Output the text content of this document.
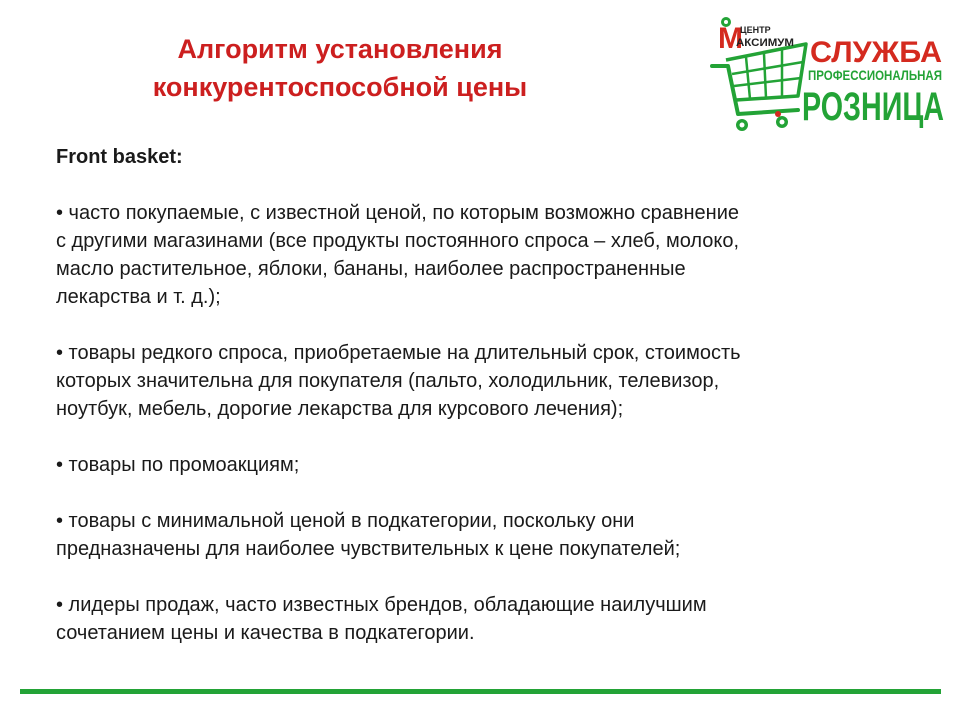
Алгоритм установления
конкурентоспособной цены
М
ЦЕНТР
АКСИМУМ СЛУЖБА
ПРОФЕССИОНАЛЬНАЯ
РОЗНИЦА
Front basket:
• часто покупаемые, с известной ценой, по которым возможно сравнение
с другими магазинами (все продукты постоянного спроса – хлеб, молоко,
масло растительное, яблоки, бананы, наиболее распространенные
лекарства и т. д.);
• товары редкого спроса, приобретаемые на длительный срок, стоимость
которых значительна для покупателя (пальто, холодильник, телевизор,
ноутбук, мебель, дорогие лекарства для курсового лечения);
• товары по промоакциям;
• товары с минимальной ценой в подкатегории, поскольку они
предназначены для наиболее чувствительных к цене покупателей;
• лидеры продаж, часто известных брендов, обладающие наилучшим
сочетанием цены и качества в подкатегории.
